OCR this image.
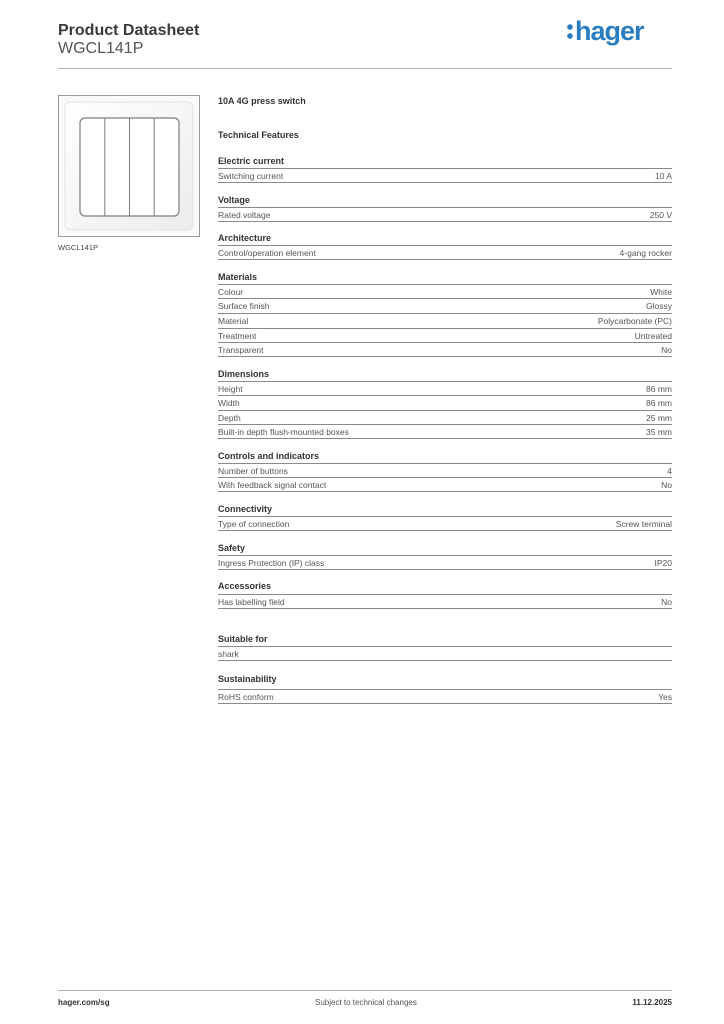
Product Datasheet
WGCL141P
hager
WGCL141P
10A 4G press switch
Technical Features
Electric current
Switching current	10 A
Voltage
Rated voltage	250 V
Architecture
Control/operation element	4-gang rocker
Materials
Colour	White
Surface finish	Glossy
Material	Polycarbonate (PC)
Treatment	Untreated
Transparent	No
Dimensions
Height	86 mm
Width	86 mm
Depth	25 mm
Built-in depth flush-mounted boxes	35 mm
Controls and indicators
Number of buttons	4
With feedback signal contact	No
Connectivity
Type of connection	Screw terminal
Safety
Ingress Protection (IP) class	IP20
Accessories
Has labelling field	No
Suitable for
shark
Sustainability
RoHS conform	Yes
hager.com/sg	Subject to technical changes	11.12.2025
